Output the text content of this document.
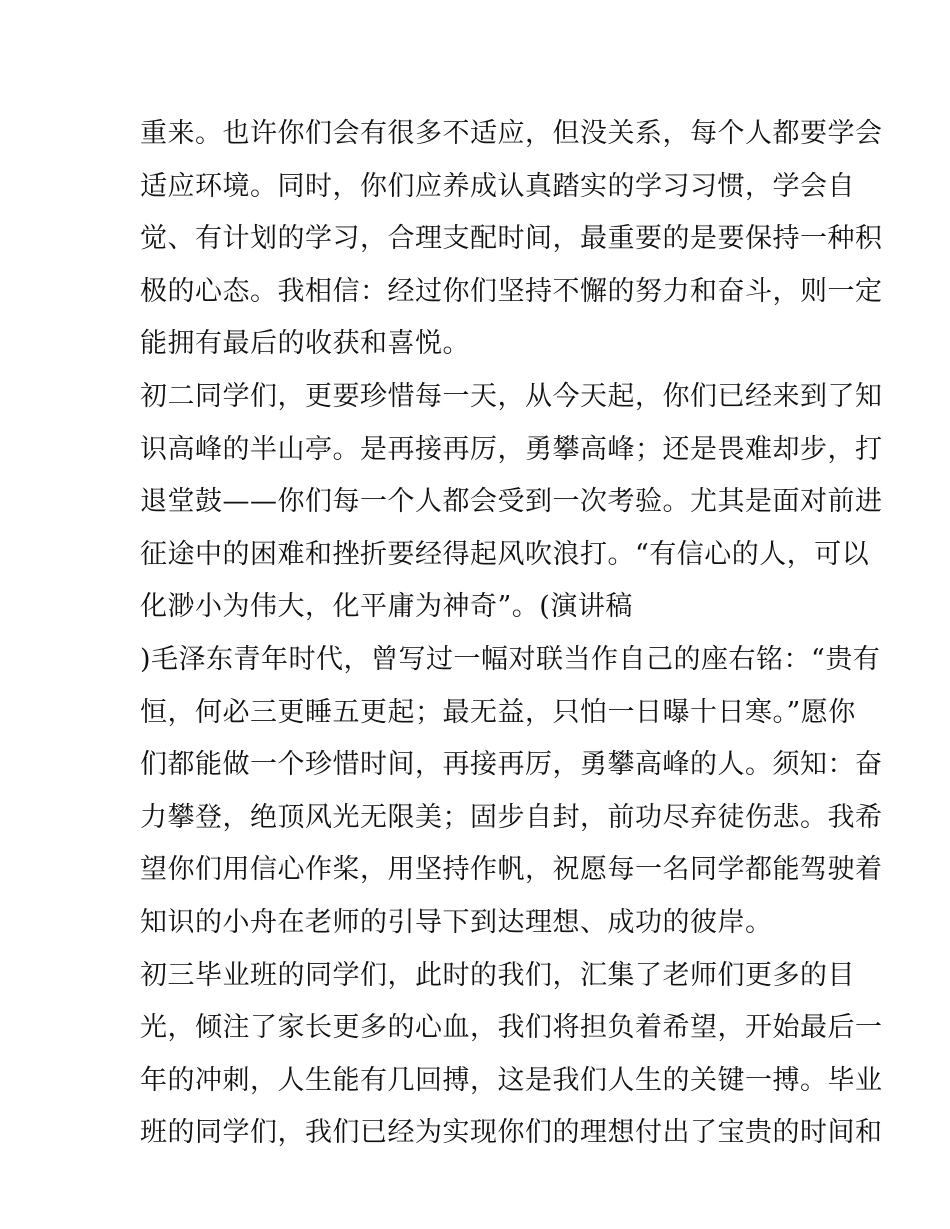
重来。也许你们会有很多不适应，但没关系，每个人都要学会
适应环境。同时，你们应养成认真踏实的学习习惯，学会自
觉、有计划的学习，合理支配时间，最重要的是要保持一种积
极的心态。我相信：经过你们坚持不懈的努力和奋斗，则一定
能拥有最后的收获和喜悦。
初二同学们，更要珍惜每一天，从今天起，你们已经来到了知
识高峰的半山亭。是再接再厉，勇攀高峰；还是畏难却步，打
退堂鼓——你们每一个人都会受到一次考验。尤其是面对前进
征途中的困难和挫折要经得起风吹浪打。“有信心的人，可以
化渺小为伟大，化平庸为神奇”。(演讲稿
)毛泽东青年时代，曾写过一幅对联当作自己的座右铭：“贵有
恒，何必三更睡五更起；最无益，只怕一日曝十日寒。”愿你
们都能做一个珍惜时间，再接再厉，勇攀高峰的人。须知：奋
力攀登，绝顶风光无限美；固步自封，前功尽弃徒伤悲。我希
望你们用信心作桨，用坚持作帆，祝愿每一名同学都能驾驶着
知识的小舟在老师的引导下到达理想、成功的彼岸。
初三毕业班的同学们，此时的我们，汇集了老师们更多的目
光，倾注了家长更多的心血，我们将担负着希望，开始最后一
年的冲刺，人生能有几回搏，这是我们人生的关键一搏。毕业
班的同学们，我们已经为实现你们的理想付出了宝贵的时间和
